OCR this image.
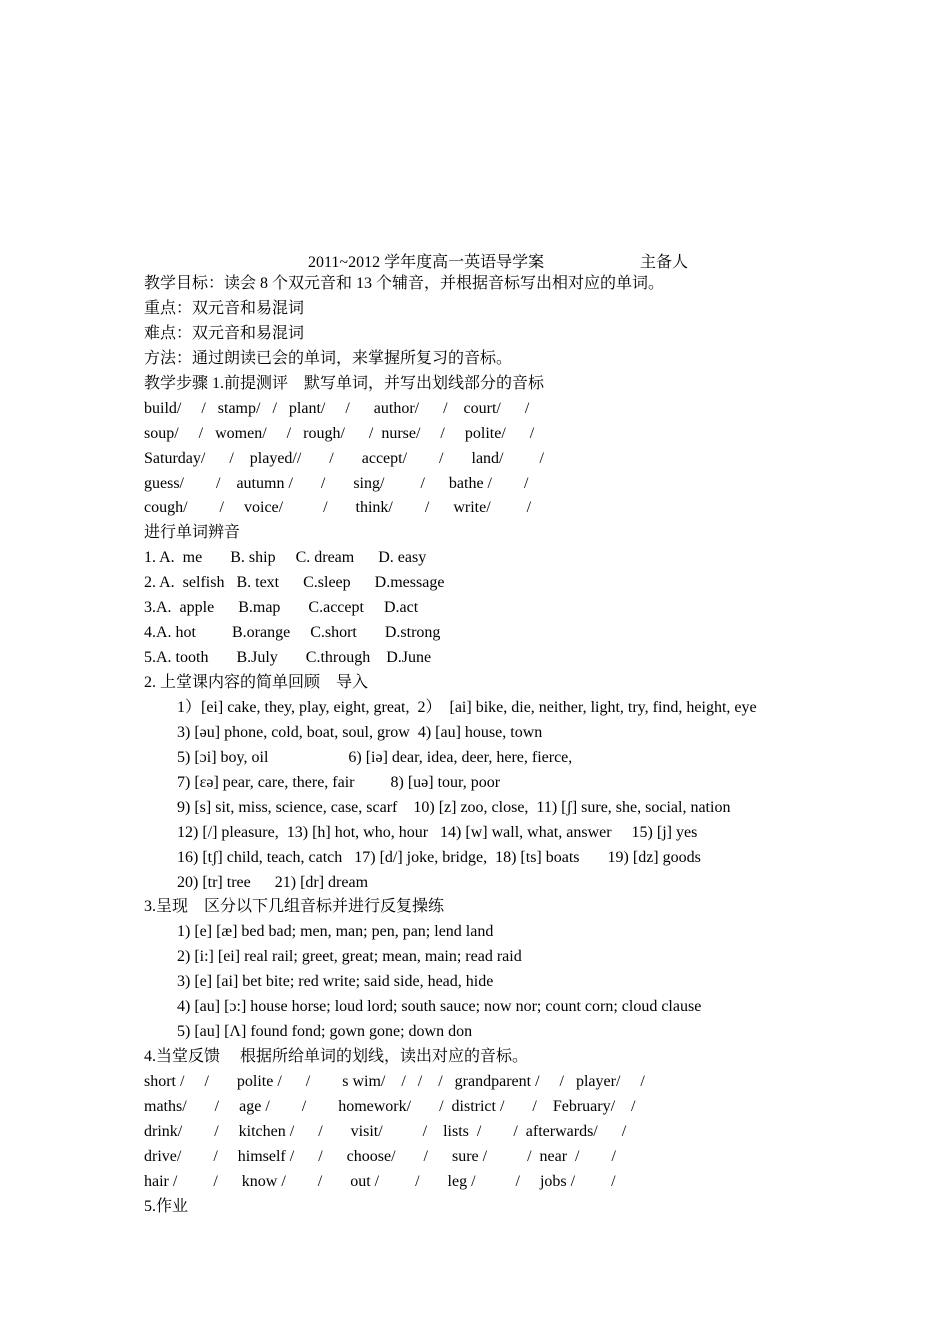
2011~2012 学年度高一英语导学案	主备人
教学目标：读会 8 个双元音和 13 个辅音，并根据音标写出相对应的单词。
重点：双元音和易混词
难点：双元音和易混词
方法：通过朗读已会的单词，来掌握所复习的音标。
教学步骤 1.前提测评    默写单词，并写出划线部分的音标
build/     /   stamp/   /   plant/     /      author/      /    court/      /
soup/     /   women/     /   rough/      /  nurse/     /     polite/      /
Saturday/      /    played//       /       accept/        /       land/         /
guess/        /    autumn /       /       sing/         /      bathe /        /
cough/        /     voice/          /       think/        /      write/         /
进行单词辨音
1. A.  me       B. ship     C. dream      D. easy
2. A.  selfish   B. text      C.sleep      D.message
3.A.  apple      B.map       C.accept     D.act
4.A. hot         B.orange     C.short       D.strong
5.A. tooth       B.July       C.through    D.June
2. 上堂课内容的简单回顾    导入
1）[ei] cake, they, play, eight, great,  2）  [ai] bike, die, neither, light, try, find, height, eye
3) [əu] phone, cold, boat, soul, grow  4) [au] house, town
5) [ɔi] boy, oil                    6) [iə] dear, idea, deer, here, fierce,
7) [εə] pear, care, there, fair         8) [uə] tour, poor
9) [s] sit, miss, science, case, scarf    10) [z] zoo, close,  11) [ʃ] sure, she, social, nation
12) [/] pleasure,  13) [h] hot, who, hour   14) [w] wall, what, answer     15) [j] yes
16) [tʃ] child, teach, catch   17) [d/] joke, bridge,  18) [ts] boats       19) [dz] goods
20) [tr] tree      21) [dr] dream
3.呈现    区分以下几组音标并进行反复操练
1) [e] [æ] bed bad; men, man; pen, pan; lend land
2) [i:] [ei] real rail; greet, great; mean, main; read raid
3) [e] [ai] bet bite; red write; said side, head, hide
4) [au] [ɔ:] house horse; loud lord; south sauce; now nor; count corn; cloud clause
5) [au] [Λ] found fond; gown gone; down don
4.当堂反馈     根据所给单词的划线，读出对应的音标。
short /     /       polite /      /        s wim/    /   /    /   grandparent /     /   player/     /
maths/       /     age /        /        homework/       /  district /       /    February/    /
drink/        /     kitchen /      /       visit/          /    lists  /        /  afterwards/      /
drive/        /     himself /      /      choose/       /      sure /          /  near  /        /
hair /         /      know /        /       out /         /       leg /          /     jobs /         /
5.作业
